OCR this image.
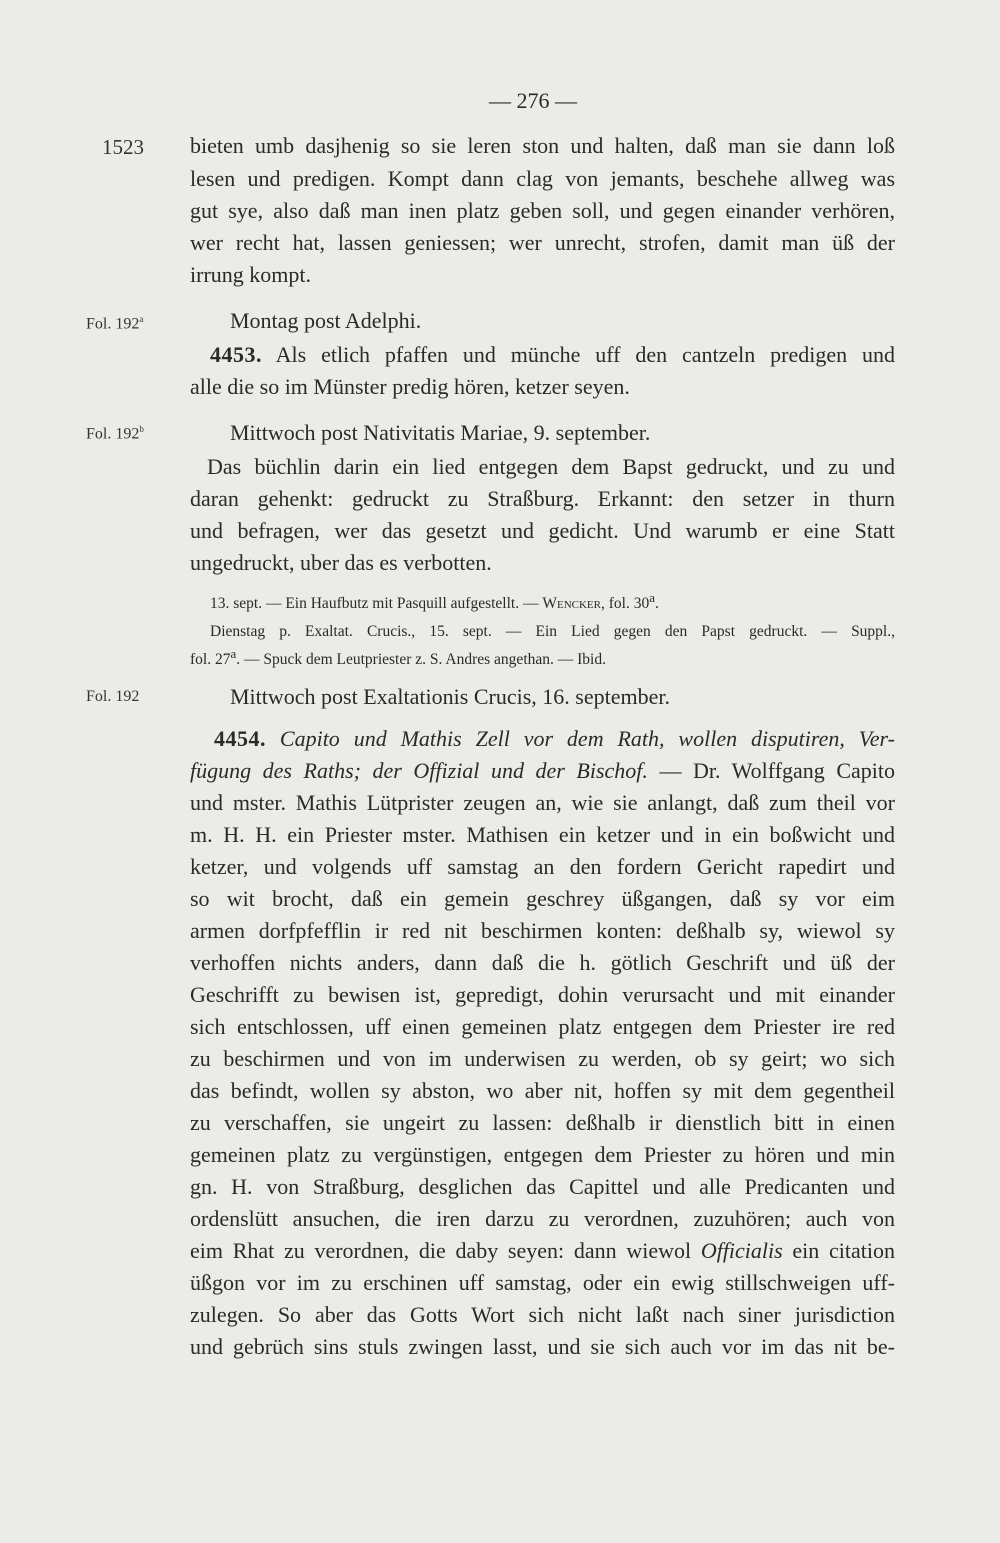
— 276 —
1523
Fol. 192$^a$
Fol. 192$^b$
Fol. 192
bieten umb dasjhenig so sie leren ston und halten, daß man sie dann loß
lesen und predigen. Kompt dann clag von jemants, beschehe allweg was
gut sye, also daß man inen platz geben soll, und gegen einander verhören,
wer recht hat, lassen geniessen; wer unrecht, strofen, damit man üß der
irrung kompt.
Montag post Adelphi.
4453. Als etlich pfaffen und münche uff den cantzeln predigen und
alle die so im Münster predig hören, ketzer seyen.
Mittwoch post Nativitatis Mariae, 9. september.
Das büchlin darin ein lied entgegen dem Bapst gedruckt, und zu und
daran gehenkt: gedruckt zu Straßburg. Erkannt: den setzer in thurn
und befragen, wer das gesetzt und gedicht. Und warumb er eine Statt
ungedruckt, uber das es verbotten.
13. sept. — Ein Haufbutz mit Pasquill aufgestellt. — Wencker, fol. 30$^a$.
Dienstag p. Exaltat. Crucis., 15. sept. — Ein Lied gegen den Papst gedruckt. — Suppl.,
fol. 27$^a$. — Spuck dem Leutpriester z. S. Andres angethan. — Ibid.
Mittwoch post Exaltationis Crucis, 16. september.
4454. Capito und Mathis Zell vor dem Rath, wollen disputiren, Ver-
fügung des Raths; der Offizial und der Bischof. — Dr. Wolffgang Capito
und mster. Mathis Lütprister zeugen an, wie sie anlangt, daß zum theil vor
m. H. H. ein Priester mster. Mathisen ein ketzer und in ein boßwicht und
ketzer, und volgends uff samstag an den fordern Gericht rapedirt und
so wit brocht, daß ein gemein geschrey üßgangen, daß sy vor eim
armen dorfpfefflin ir red nit beschirmen konten: deßhalb sy, wiewol sy
verhoffen nichts anders, dann daß die h. götlich Geschrift und üß der
Geschrifft zu bewisen ist, gepredigt, dohin verursacht und mit einander
sich entschlossen, uff einen gemeinen platz entgegen dem Priester ire red
zu beschirmen und von im underwisen zu werden, ob sy geirt; wo sich
das befindt, wollen sy abston, wo aber nit, hoffen sy mit dem gegentheil
zu verschaffen, sie ungeirt zu lassen: deßhalb ir dienstlich bitt in einen
gemeinen platz zu vergünstigen, entgegen dem Priester zu hören und min
gn. H. von Straßburg, desglichen das Capittel und alle Predicanten und
ordenslütt ansuchen, die iren darzu zu verordnen, zuzuhören; auch von
eim Rhat zu verordnen, die daby seyen: dann wiewol Officialis ein citation
üßgon vor im zu erschinen uff samstag, oder ein ewig stillschweigen uff-
zulegen. So aber das Gotts Wort sich nicht laßt nach siner jurisdiction
und gebrüch sins stuls zwingen lasst, und sie sich auch vor im das nit be-
